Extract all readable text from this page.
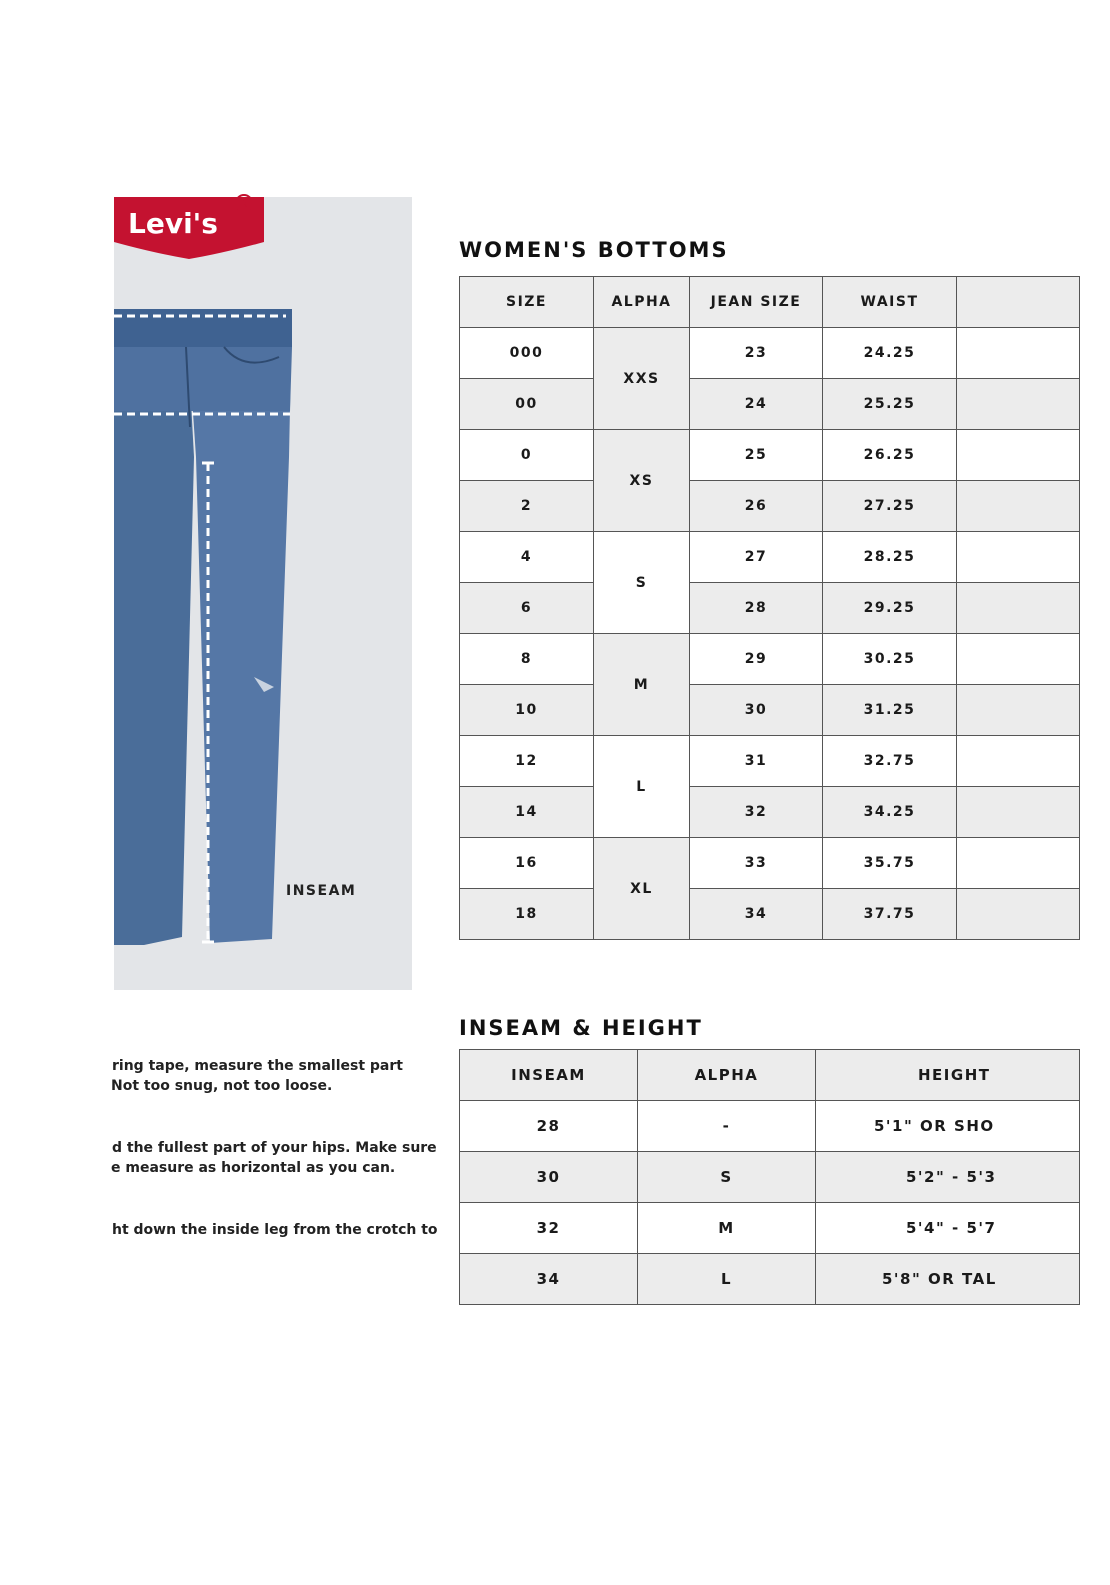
Levi's
R
INSEAM

ring tape, measure the smallest part

Not too snug, not too loose.

d the fullest part of your hips. Make sure

e measure as horizontal as you can.

ht down the inside leg from the crotch to

WOMEN'S BOTTOMS
SIZE	ALPHA	JEAN SIZE	WAIST	
000	XXS	23	24.25	
00		24	25.25	
0	XS	25	26.25	
2		26	27.25	
4	S	27	28.25	
6		28	29.25	
8	M	29	30.25	
10		30	31.25	
12	L	31	32.75	
14		32	34.25	
16	XL	33	35.75	
18		34	37.75	
INSEAM & HEIGHT
INSEAM	ALPHA	HEIGHT
28	-	5'1" OR SHO
30	S	5'2" - 5'3
32	M	5'4" - 5'7
34	L	5'8" OR TAL
